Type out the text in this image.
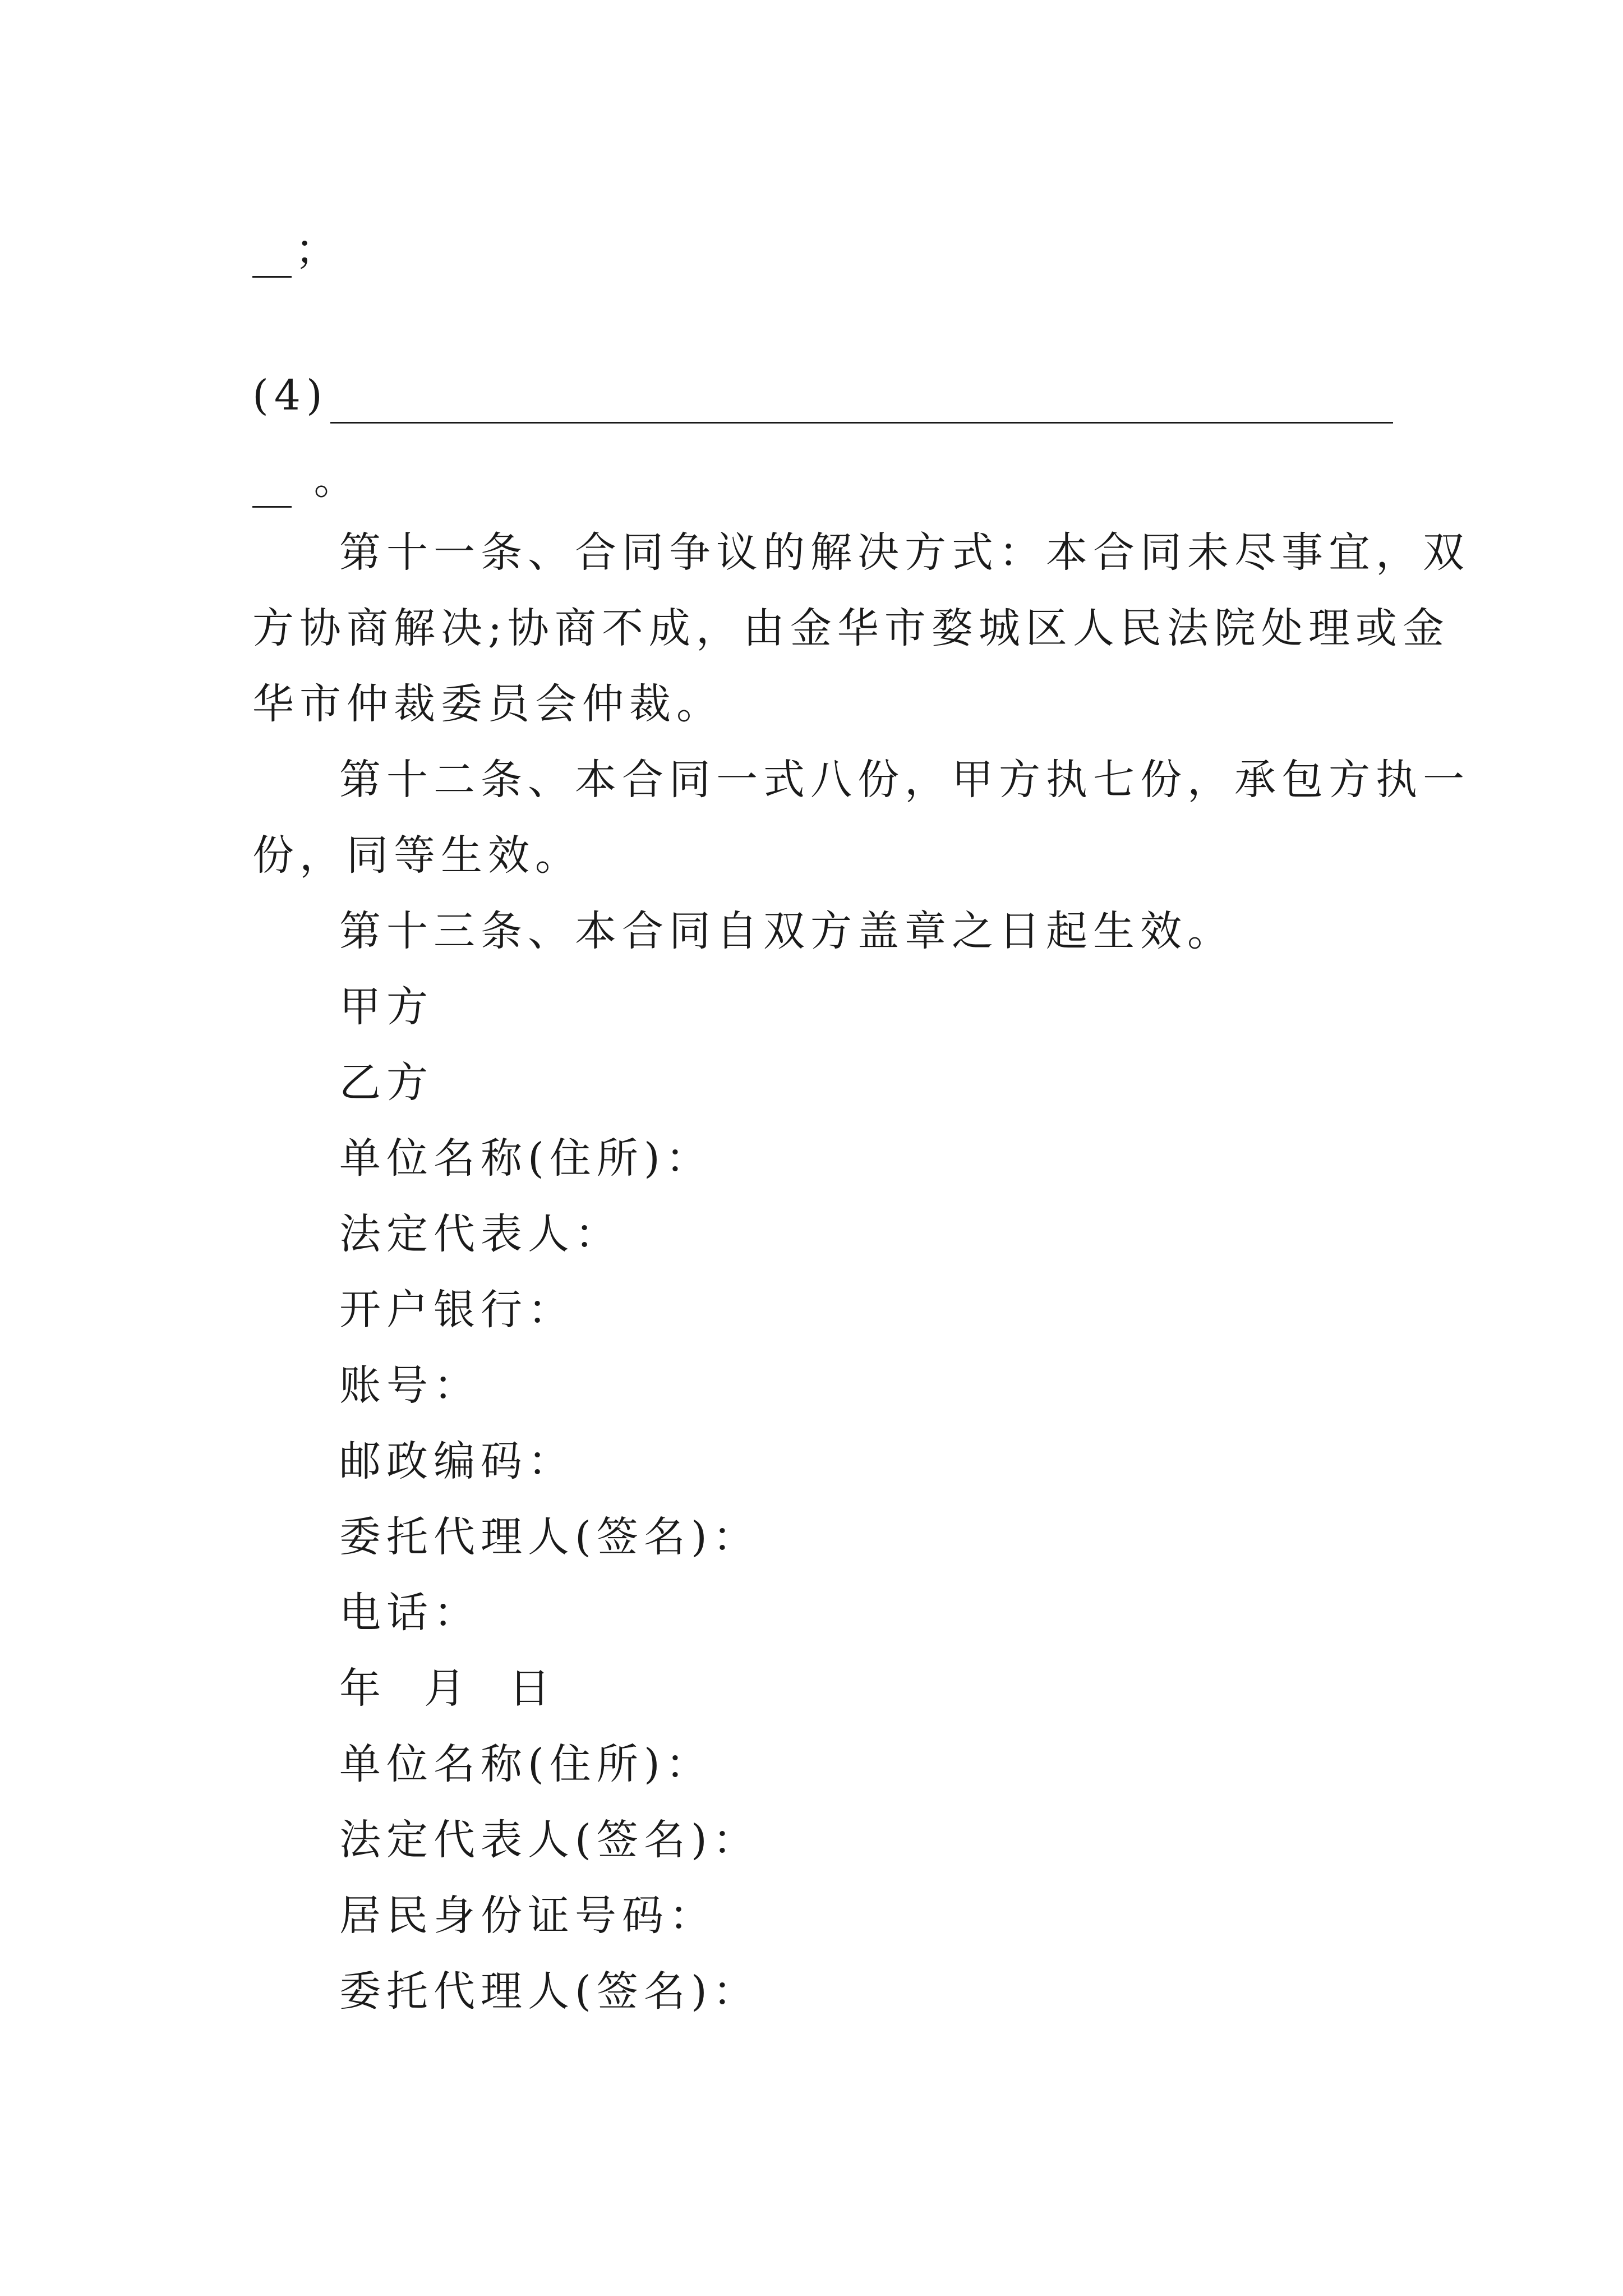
；
(4)
。
第十一条、合同争议的解决方式：本合同未尽事宜，双
方协商解决;协商不成，由金华市婺城区人民法院处理或金
华市仲裁委员会仲裁。
第十二条、本合同一式八份，甲方执七份，承包方执一
份，同等生效。
第十三条、本合同自双方盖章之日起生效。
甲方
乙方
单位名称(住所)：
法定代表人：
开户银行：
账号：
邮政编码：
委托代理人(签名)：
电话：
年  月  日
单位名称(住所)：
法定代表人(签名)：
居民身份证号码：
委托代理人(签名)：
